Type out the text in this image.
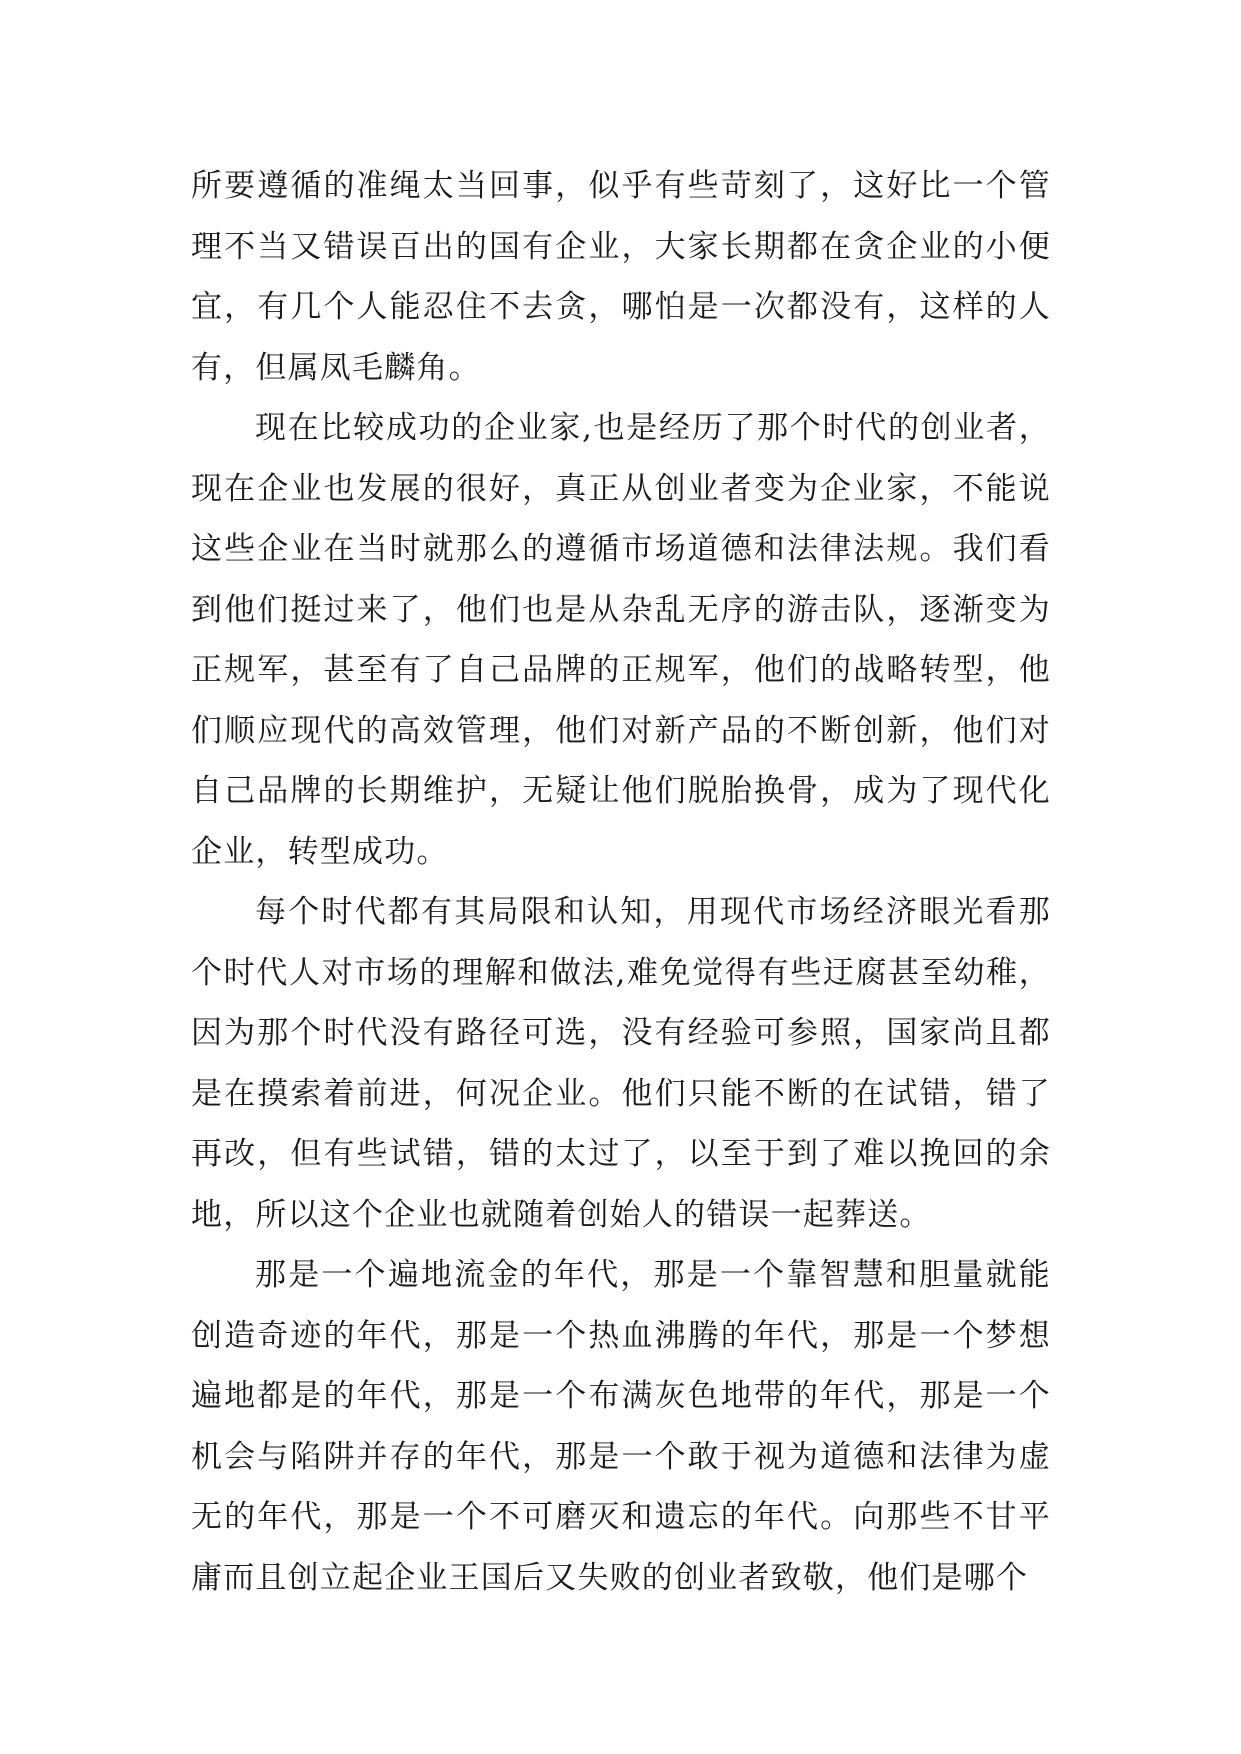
所要遵循的准绳太当回事，似乎有些苛刻了，这好比一个管理不当又错误百出的国有企业，大家长期都在贪企业的小便宜，有几个人能忍住不去贪，哪怕是一次都没有，这样的人有，但属凤毛麟角。

现在比较成功的企业家,也是经历了那个时代的创业者，现在企业也发展的很好，真正从创业者变为企业家，不能说这些企业在当时就那么的遵循市场道德和法律法规。我们看到他们挺过来了，他们也是从杂乱无序的游击队，逐渐变为正规军，甚至有了自己品牌的正规军，他们的战略转型，他们顺应现代的高效管理，他们对新产品的不断创新，他们对自己品牌的长期维护，无疑让他们脱胎换骨，成为了现代化企业，转型成功。

每个时代都有其局限和认知，用现代市场经济眼光看那个时代人对市场的理解和做法,难免觉得有些迂腐甚至幼稚，因为那个时代没有路径可选，没有经验可参照，国家尚且都是在摸索着前进，何况企业。他们只能不断的在试错，错了再改，但有些试错，错的太过了，以至于到了难以挽回的余地，所以这个企业也就随着创始人的错误一起葬送。

那是一个遍地流金的年代，那是一个靠智慧和胆量就能创造奇迹的年代，那是一个热血沸腾的年代，那是一个梦想遍地都是的年代，那是一个布满灰色地带的年代，那是一个机会与陷阱并存的年代，那是一个敢于视为道德和法律为虚无的年代，那是一个不可磨灭和遗忘的年代。向那些不甘平庸而且创立起企业王国后又失败的创业者致敬，他们是哪个
